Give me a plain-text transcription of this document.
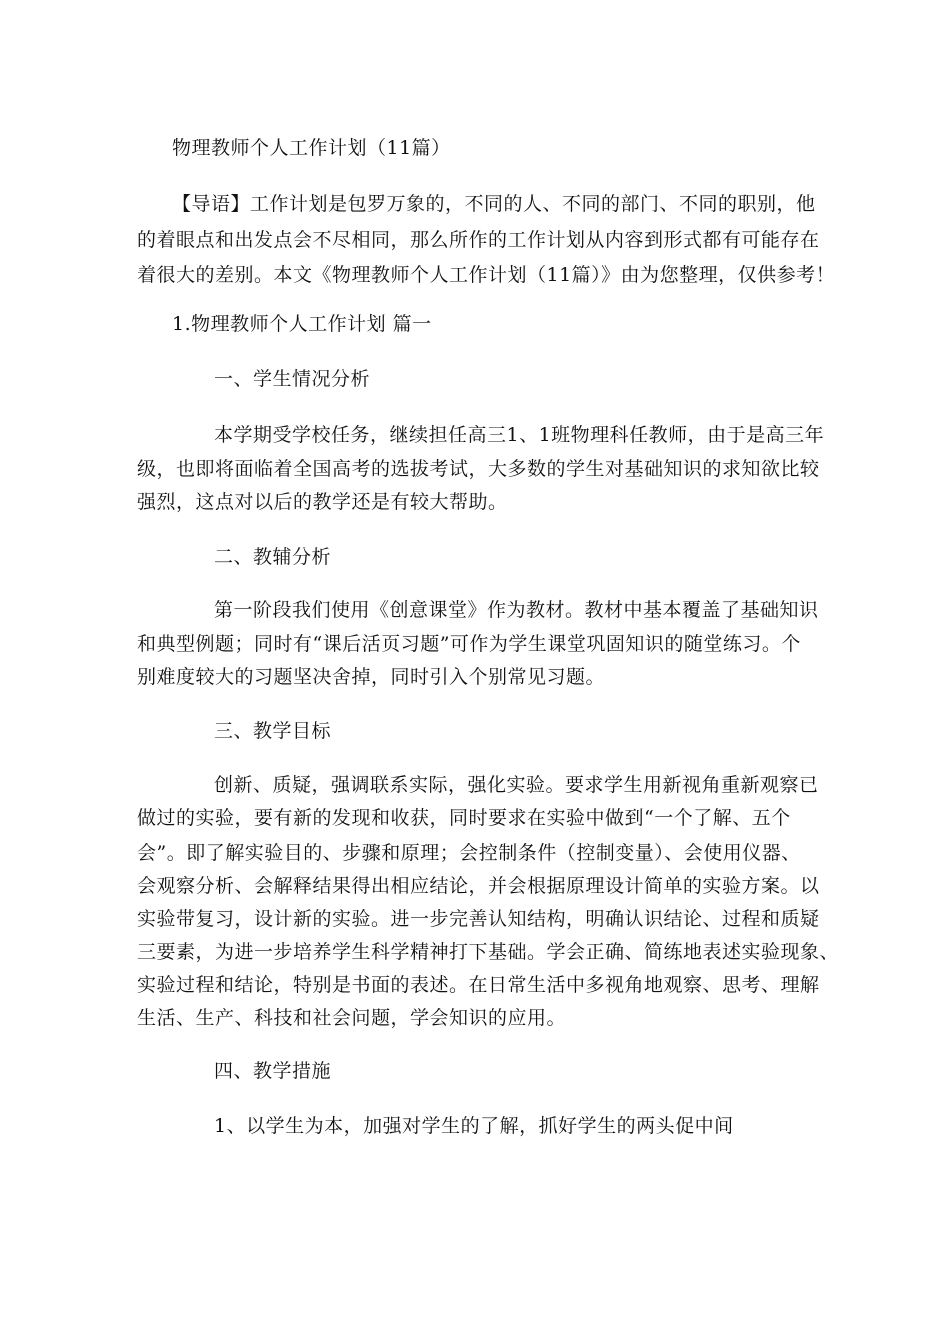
物理教师个人工作计划（11篇）
【导语】工作计划是包罗万象的，不同的人、不同的部门、不同的职别，他
的着眼点和出发点会不尽相同，那么所作的工作计划从内容到形式都有可能存在
着很大的差别。本文《物理教师个人工作计划（11篇）》由为您整理，仅供参考！
1.物理教师个人工作计划 篇一
一、学生情况分析
本学期受学校任务，继续担任高三1、1班物理科任教师，由于是高三年
级，也即将面临着全国高考的选拔考试，大多数的学生对基础知识的求知欲比较
强烈，这点对以后的教学还是有较大帮助。
二、教辅分析
第一阶段我们使用《创意课堂》作为教材。教材中基本覆盖了基础知识
和典型例题；同时有“课后活页习题”可作为学生课堂巩固知识的随堂练习。个
别难度较大的习题坚决舍掉，同时引入个别常见习题。
三、教学目标
创新、质疑，强调联系实际，强化实验。要求学生用新视角重新观察已
做过的实验，要有新的发现和收获，同时要求在实验中做到“一个了解、五个
会”。即了解实验目的、步骤和原理；会控制条件（控制变量）、会使用仪器、
会观察分析、会解释结果得出相应结论，并会根据原理设计简单的实验方案。以
实验带复习，设计新的实验。进一步完善认知结构，明确认识结论、过程和质疑
三要素，为进一步培养学生科学精神打下基础。学会正确、简练地表述实验现象、
实验过程和结论，特别是书面的表述。在日常生活中多视角地观察、思考、理解
生活、生产、科技和社会问题，学会知识的应用。
四、教学措施
1、以学生为本，加强对学生的了解，抓好学生的两头促中间
